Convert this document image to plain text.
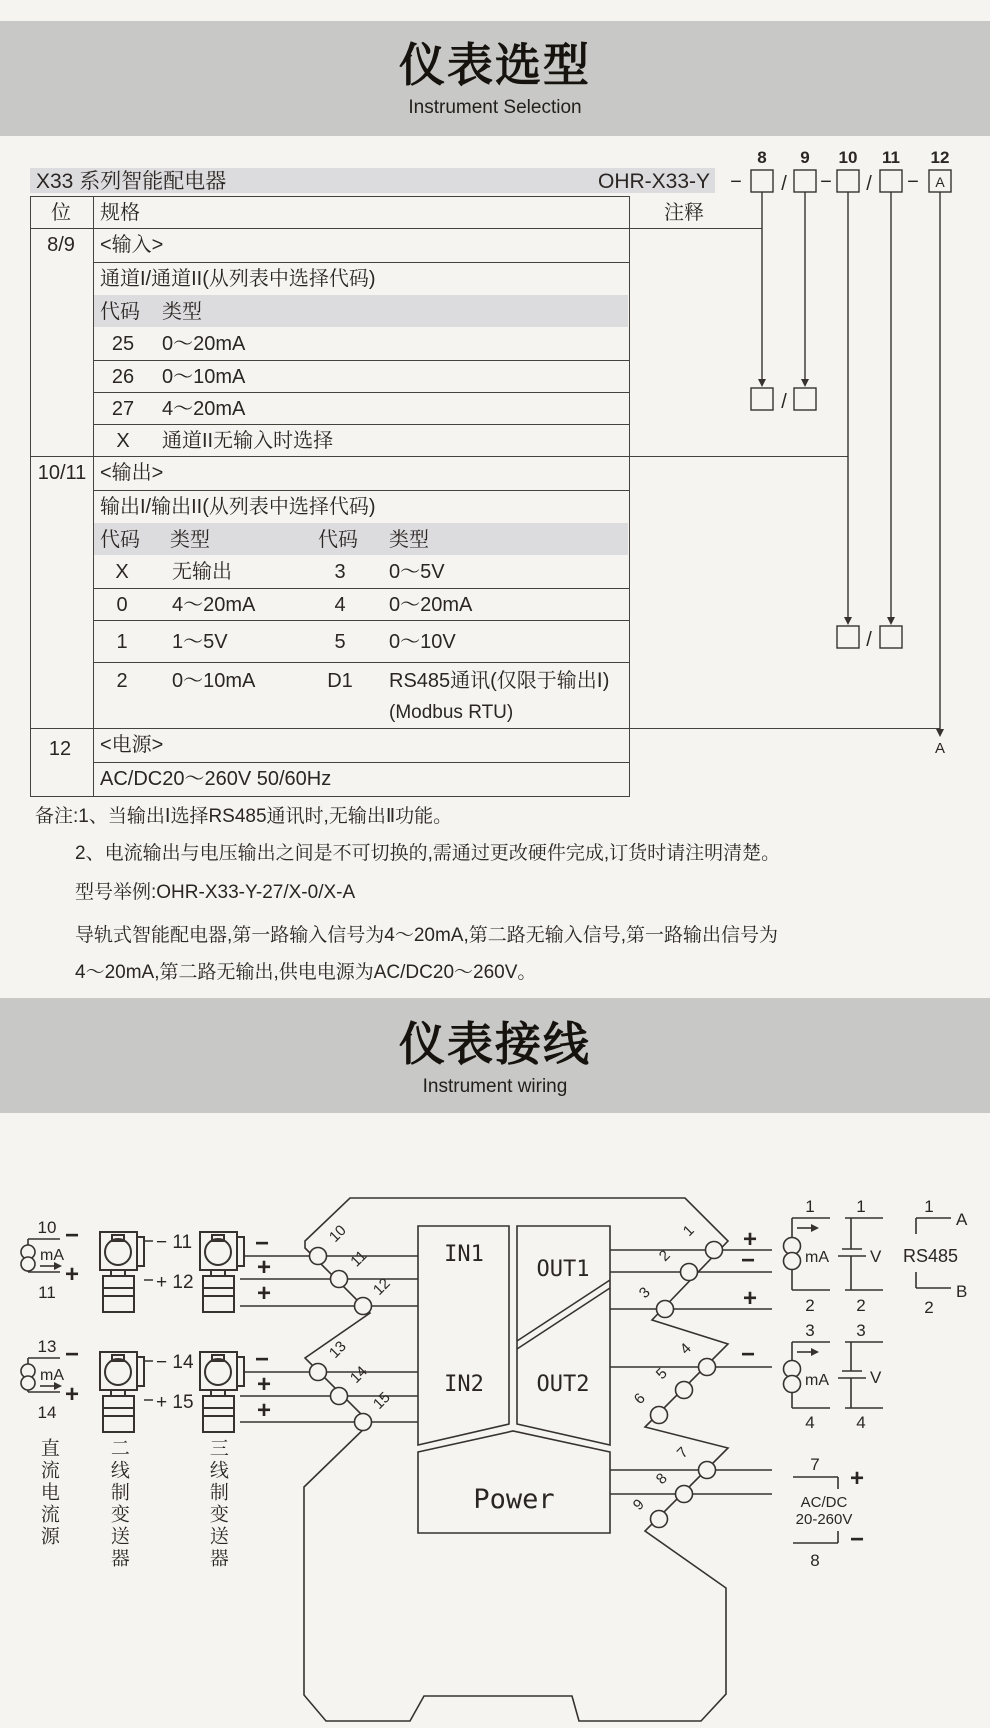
仪表选型
Instrument Selection
X33 系列智能配电器	OHR-X33-Y
位 规格	注释
8/9 <输入>
通道I/通道II(从列表中选择代码)
代码 类型
25 0～20mA
26 0～10mA
27 4～20mA
X 通道II无输入时选择
10/11 <输出>
输出I/输出II(从列表中选择代码)
代码 类型	代码 类型
X 无输出	3 0～5V
0 4～20mA	4 0～20mA
1 1～5V	5 0～10V
2 0～10mA	D1 RS485通讯(仅限于输出Ⅰ)
(Modbus RTU)
12 <电源>
AC/DC20～260V 50/60Hz
8 9 10 11 12
− / − / −
/
/
A
A
备注:1、当输出Ⅰ选择RS485通讯时,无输出Ⅱ功能。
2、电流输出与电压输出之间是不可切换的,需通过更改硬件完成,订货时请注明清楚。
型号举例:OHR-X33-Y-27/X-0/X-A
导轨式智能配电器,第一路输入信号为4～20mA,第二路无输入信号,第一路输出信号为
4～20mA,第二路无输出,供电电源为AC/DC20～260V。
仪表接线
Instrument wiring
IN1
OUT1
IN2 OUT2
Power
10
11
12
13
14
15
1
2
3
4
5
6
7
8
9
10 −
mA
+
11
13 −
mA
+
14
− 11
+ 12
− 14
+ 15
−
+
+
−
+
+
+
−
+
−
1
mA
2
1
V
2
1
A
RS485
B
2
3
mA
4
3
V
4
7
+
AC/DC
20-260V
−
8
直流电流源	二线制变送器	三线制变送器
